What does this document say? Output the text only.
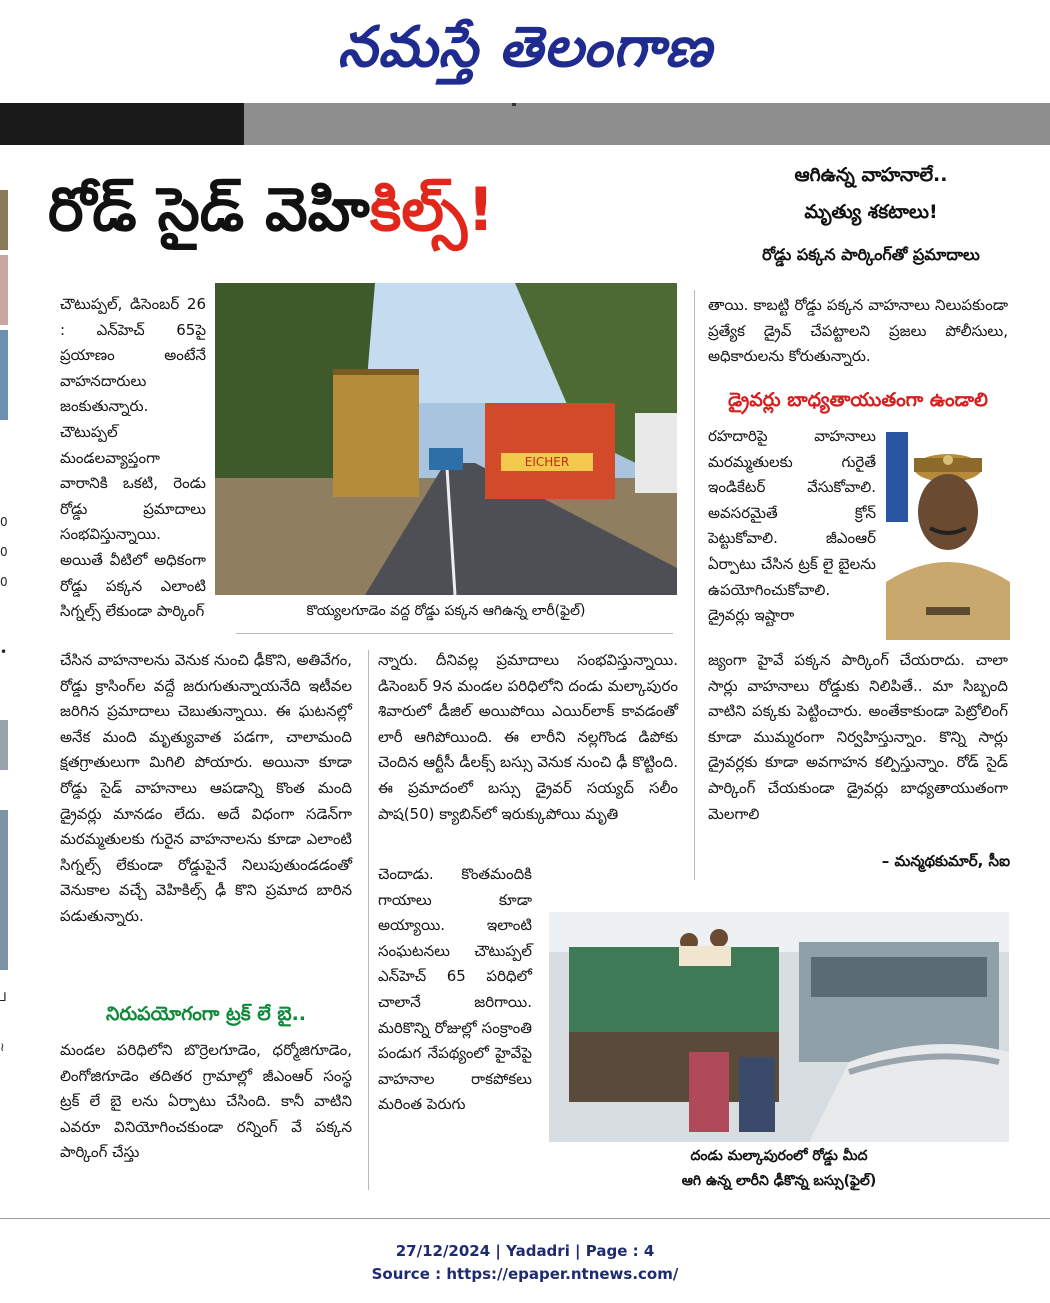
నమస్తే తెలంగాణ
0
0
0
•
⅃
≀
రోడ్ సైడ్ వెహికిల్స్!	ఆగిఉన్న వాహనాలే..
మృత్యు శకటాలు!
రోడ్డు పక్కన పార్కింగ్‌తో ప్రమాదాలు

చౌటుప్పల్, డిసెంబర్ 26 : ఎన్‌హెచ్ 65పై ప్రయాణం అంటేనే వాహనదారులు జంకుతున్నారు. చౌటుప్పల్ మండలవ్యాప్తంగా వారానికి ఒకటి, రెండు రోడ్డు ప్రమాదాలు సంభవిస్తున్నాయి. అయితే వీటిలో అధికంగా రోడ్డు పక్కన ఎలాంటి సిగ్నల్స్ లేకుండా పార్కింగ్

EICHER
కొయ్యలగూడెం వద్ద రోడ్డు పక్కన ఆగిఉన్న లారీ(ఫైల్)

చేసిన వాహనాలను వెనుక నుంచి ఢీకొని, అతివేగం, రోడ్డు క్రాసింగ్‌ల వద్దే జరుగుతున్నాయనేది ఇటీవల జరిగిన ప్రమాదాలు చెబుతున్నాయి. ఈ ఘటనల్లో అనేక మంది మృత్యువాత పడగా, చాలామంది క్షతగ్రాతులుగా మిగిలి పోయారు. అయినా కూడా రోడ్డు సైడ్ వాహనాలు ఆపడాన్ని కొంత మంది డ్రైవర్లు మానడం లేదు. అదే విధంగా సడెన్‌గా మరమ్మతులకు గురైన వాహనాలను కూడా ఎలాంటి సిగ్నల్స్ లేకుండా రోడ్డుపైనే నిలుపుతుండడంతో వెనుకాల వచ్చే వెహికిల్స్ ఢీ కొని ప్రమాద బారిన పడుతున్నారు.

నిరుపయోగంగా ట్రక్ లే బై..

మండల పరిధిలోని బొర్రెలగూడెం, ధర్మోజిగూడెం, లింగోజిగూడెం తదితర గ్రామాల్లో జీఎంఆర్ సంస్థ ట్రక్ లే బై లను ఏర్పాటు చేసింది. కానీ వాటిని ఎవరూ వినియోగించకుండా రన్నింగ్ వే పక్కన పార్కింగ్ చేస్తు

న్నారు. దీనివల్ల ప్రమాదాలు సంభవిస్తున్నాయి. డిసెంబర్ 9న మండల పరిధిలోని దండు మల్కాపురం శివారులో డీజిల్ అయిపోయి ఎయిర్‌లాక్ కావడంతో లారీ ఆగిపోయింది. ఈ లారీని నల్లగొండ డిపోకు చెందిన ఆర్టీసీ డీలక్స్ బస్సు వెనుక నుంచి ఢీ కొట్టింది. ఈ ప్రమాదంలో బస్సు డ్రైవర్ సయ్యద్ సలీం పాష(50) క్యాబిన్‌లో ఇరుక్కుపోయి మృతి

చెందాడు. కొంతమందికి గాయాలు కూడా అయ్యాయి. ఇలాంటి సంఘటనలు చౌటుప్పల్ ఎన్‌హెచ్ 65 పరిధిలో చాలానే జరిగాయి. మరికొన్ని రోజుల్లో సంక్రాంతి పండుగ నేపథ్యంలో హైవేపై వాహనాల రాకపోకలు మరింత పెరుగు

తాయి. కాబట్టి రోడ్డు పక్కన వాహనాలు నిలుపకుండా ప్రత్యేక డ్రైవ్ చేపట్టాలని ప్రజలు పోలీసులు, అధికారులను కోరుతున్నారు.

డ్రైవర్లు బాధ్యతాయుతంగా ఉండాలి

రహదారిపై వాహనాలు మరమ్మతులకు గురైతే ఇండికేటర్ వేసుకోవాలి. అవసరమైతే క్రోన్ పెట్టుకోవాలి. జీఎంఆర్ ఏర్పాటు చేసిన ట్రక్ లై బైలను ఉపయోగించుకోవాలి. డ్రైవర్లు ఇష్టారా

జ్యంగా హైవే పక్కన పార్కింగ్ చేయరాదు. చాలా సార్లు వాహనాలు రోడ్డుకు నిలిపితే.. మా సిబ్బంది వాటిని పక్కకు పెట్టించారు. అంతేకాకుండా పెట్రోలింగ్ కూడా ముమ్మరంగా నిర్వహిస్తున్నాం. కొన్ని సార్లు డ్రైవర్లకు కూడా అవగాహన కల్పిస్తున్నాం. రోడ్ సైడ్ పార్కింగ్ చేయకుండా డ్రైవర్లు బాధ్యతాయుతంగా మెలగాలి

– మన్మథకుమార్, సీఐ
దండు మల్కాపురంలో రోడ్డు మీద
ఆగి ఉన్న లారీని ఢీకొన్న బస్సు(ఫైల్)
27/12/2024 | Yadadri | Page : 4
Source : https://epaper.ntnews.com/
